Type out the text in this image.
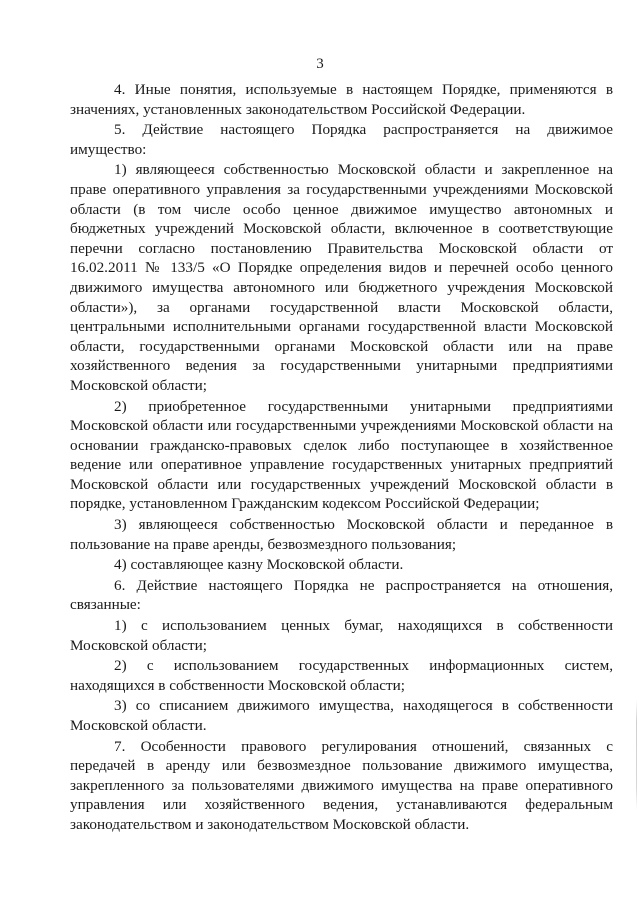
3

4. Иные понятия, используемые в настоящем Порядке, применяются в значениях, установленных законодательством Российской Федерации.

5. Действие настоящего Порядка распространяется на движимое имущество:

1) являющееся собственностью Московской области и закрепленное на праве оперативного управления за государственными учреждениями Московской области (в том числе особо ценное движимое имущество автономных и бюджетных учреждений Московской области, включенное в соответствующие перечни согласно постановлению Правительства Московской области от 16.02.2011 № 133/5 «О Порядке определения видов и перечней особо ценного движимого имущества автономного или бюджетного учреждения Московской области»), за органами государственной власти Московской области, центральными исполнительными органами государственной власти Московской области, государственными органами Московской области или на праве хозяйственного ведения за государственными унитарными предприятиями Московской области;

2) приобретенное государственными унитарными предприятиями Московской области или государственными учреждениями Московской области на основании гражданско-правовых сделок либо поступающее в хозяйственное ведение или оперативное управление государственных унитарных предприятий Московской области или государственных учреждений Московской области в порядке, установленном Гражданским кодексом Российской Федерации;

3) являющееся собственностью Московской области и переданное в пользование на праве аренды, безвозмездного пользования;

4) составляющее казну Московской области.

6. Действие настоящего Порядка не распространяется на отношения, связанные:

1) с использованием ценных бумаг, находящихся в собственности Московской области;

2) с использованием государственных информационных систем, находящихся в собственности Московской области;

3) со списанием движимого имущества, находящегося в собственности Московской области.

7. Особенности правового регулирования отношений, связанных с передачей в аренду или безвозмездное пользование движимого имущества, закрепленного за пользователями движимого имущества на праве оперативного управления или хозяйственного ведения, устанавливаются федеральным законодательством и законодательством Московской области.
